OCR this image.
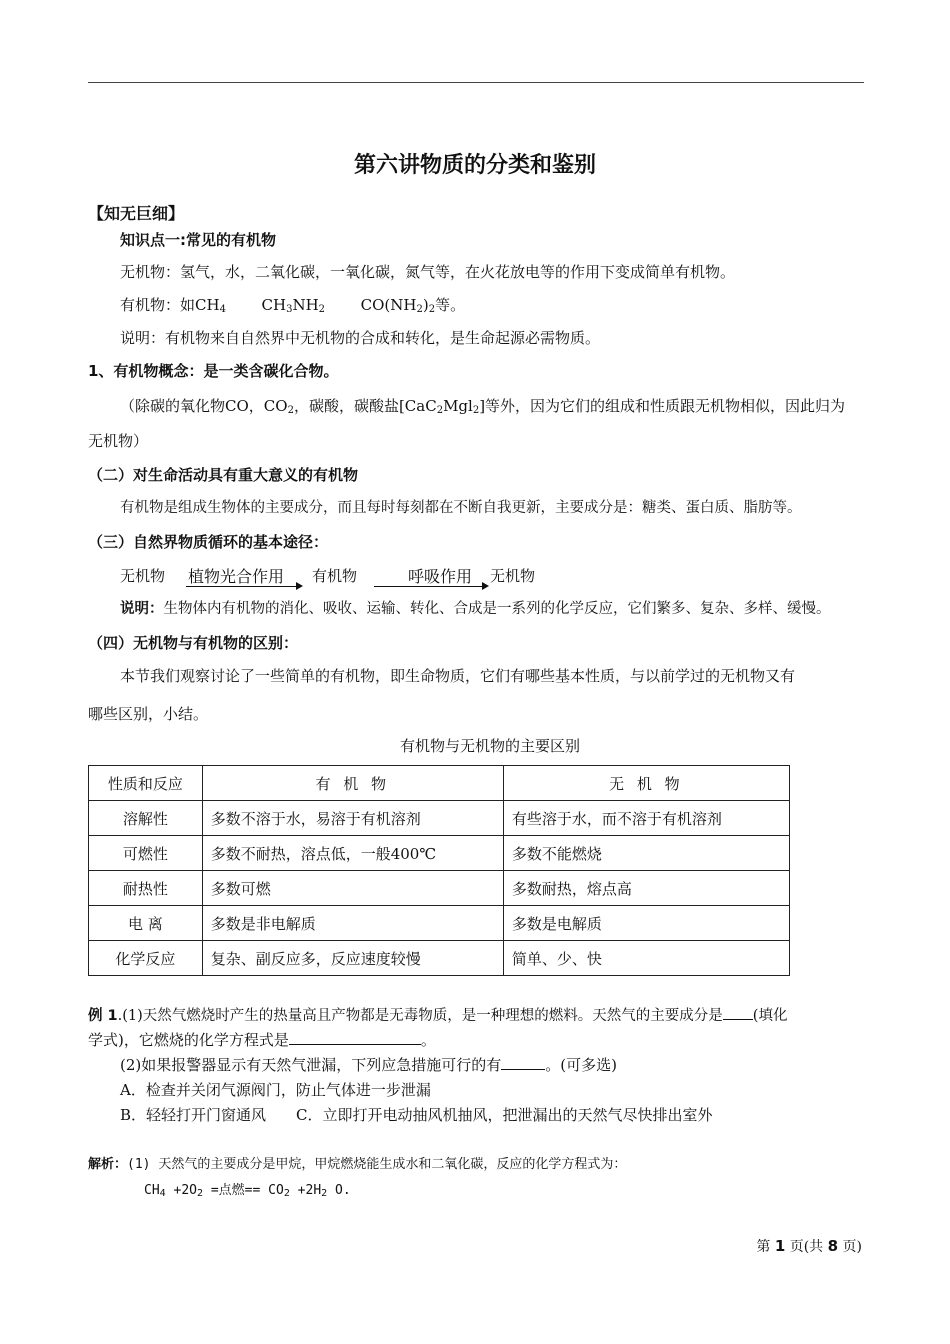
第六讲物质的分类和鉴别
【知无巨细】
知识点一:常见的有机物
无机物：氢气，水，二氧化碳，一氧化碳，氮气等，在火花放电等的作用下变成简单有机物。
有机物：如$CH_4$ $CH_3NH_2$ $CO(NH_2)_2$等。
说明：有机物来自自然界中无机物的合成和转化，是生命起源必需物质。
1、有机物概念：是一类含碳化合物。
（除碳的氧化物CO，$CO_2$，碳酸，碳酸盐[CaC$_2$Mgl$_2$]等外，因为它们的组成和性质跟无机物相似，因此归为
无机物）
（二）对生命活动具有重大意义的有机物
有机物是组成生物体的主要成分，而且每时每刻都在不断自我更新，主要成分是：糖类、蛋白质、脂肪等。
（三）自然界物质循环的基本途径：
无机物 植物光合作用 有机物	呼吸作用 无机物
说明：生物体内有机物的消化、吸收、运输、转化、合成是一系列的化学反应，它们繁多、复杂、多样、缓慢。
（四）无机物与有机物的区别：
本节我们观察讨论了一些简单的有机物，即生命物质，它们有哪些基本性质，与以前学过的无机物又有
哪些区别，小结。
有机物与无机物的主要区别
性质和反应	有 机 物	无 机 物
溶解性	多数不溶于水，易溶于有机溶剂	有些溶于水，而不溶于有机溶剂
可燃性	多数不耐热，溶点低，一般400℃	多数不能燃烧
耐热性	多数可燃	多数耐热，熔点高
电 离	多数是非电解质	多数是电解质
化学反应	复杂、副反应多，反应速度较慢	简单、少、快
例 1.(1)天然气燃烧时产生的热量高且产物都是无毒物质，是一种理想的燃料。天然气的主要成分是 (填化
学式)，它燃烧的化学方程式是	。
(2)如果报警器显示有天然气泄漏，下列应急措施可行的有	。(可多选)
A．检查并关闭气源阀门，防止气体进一步泄漏
B．轻轻打开门窗通风 C．立即打开电动抽风机抽风，把泄漏出的天然气尽快排出室外
解析：(1) 天然气的主要成分是甲烷，甲烷燃烧能生成水和二氧化碳，反应的化学方程式为：
$CH_4 +2O_2$ =点燃== $CO_2 +2H_2$ O.
第 1 页(共 8 页)
